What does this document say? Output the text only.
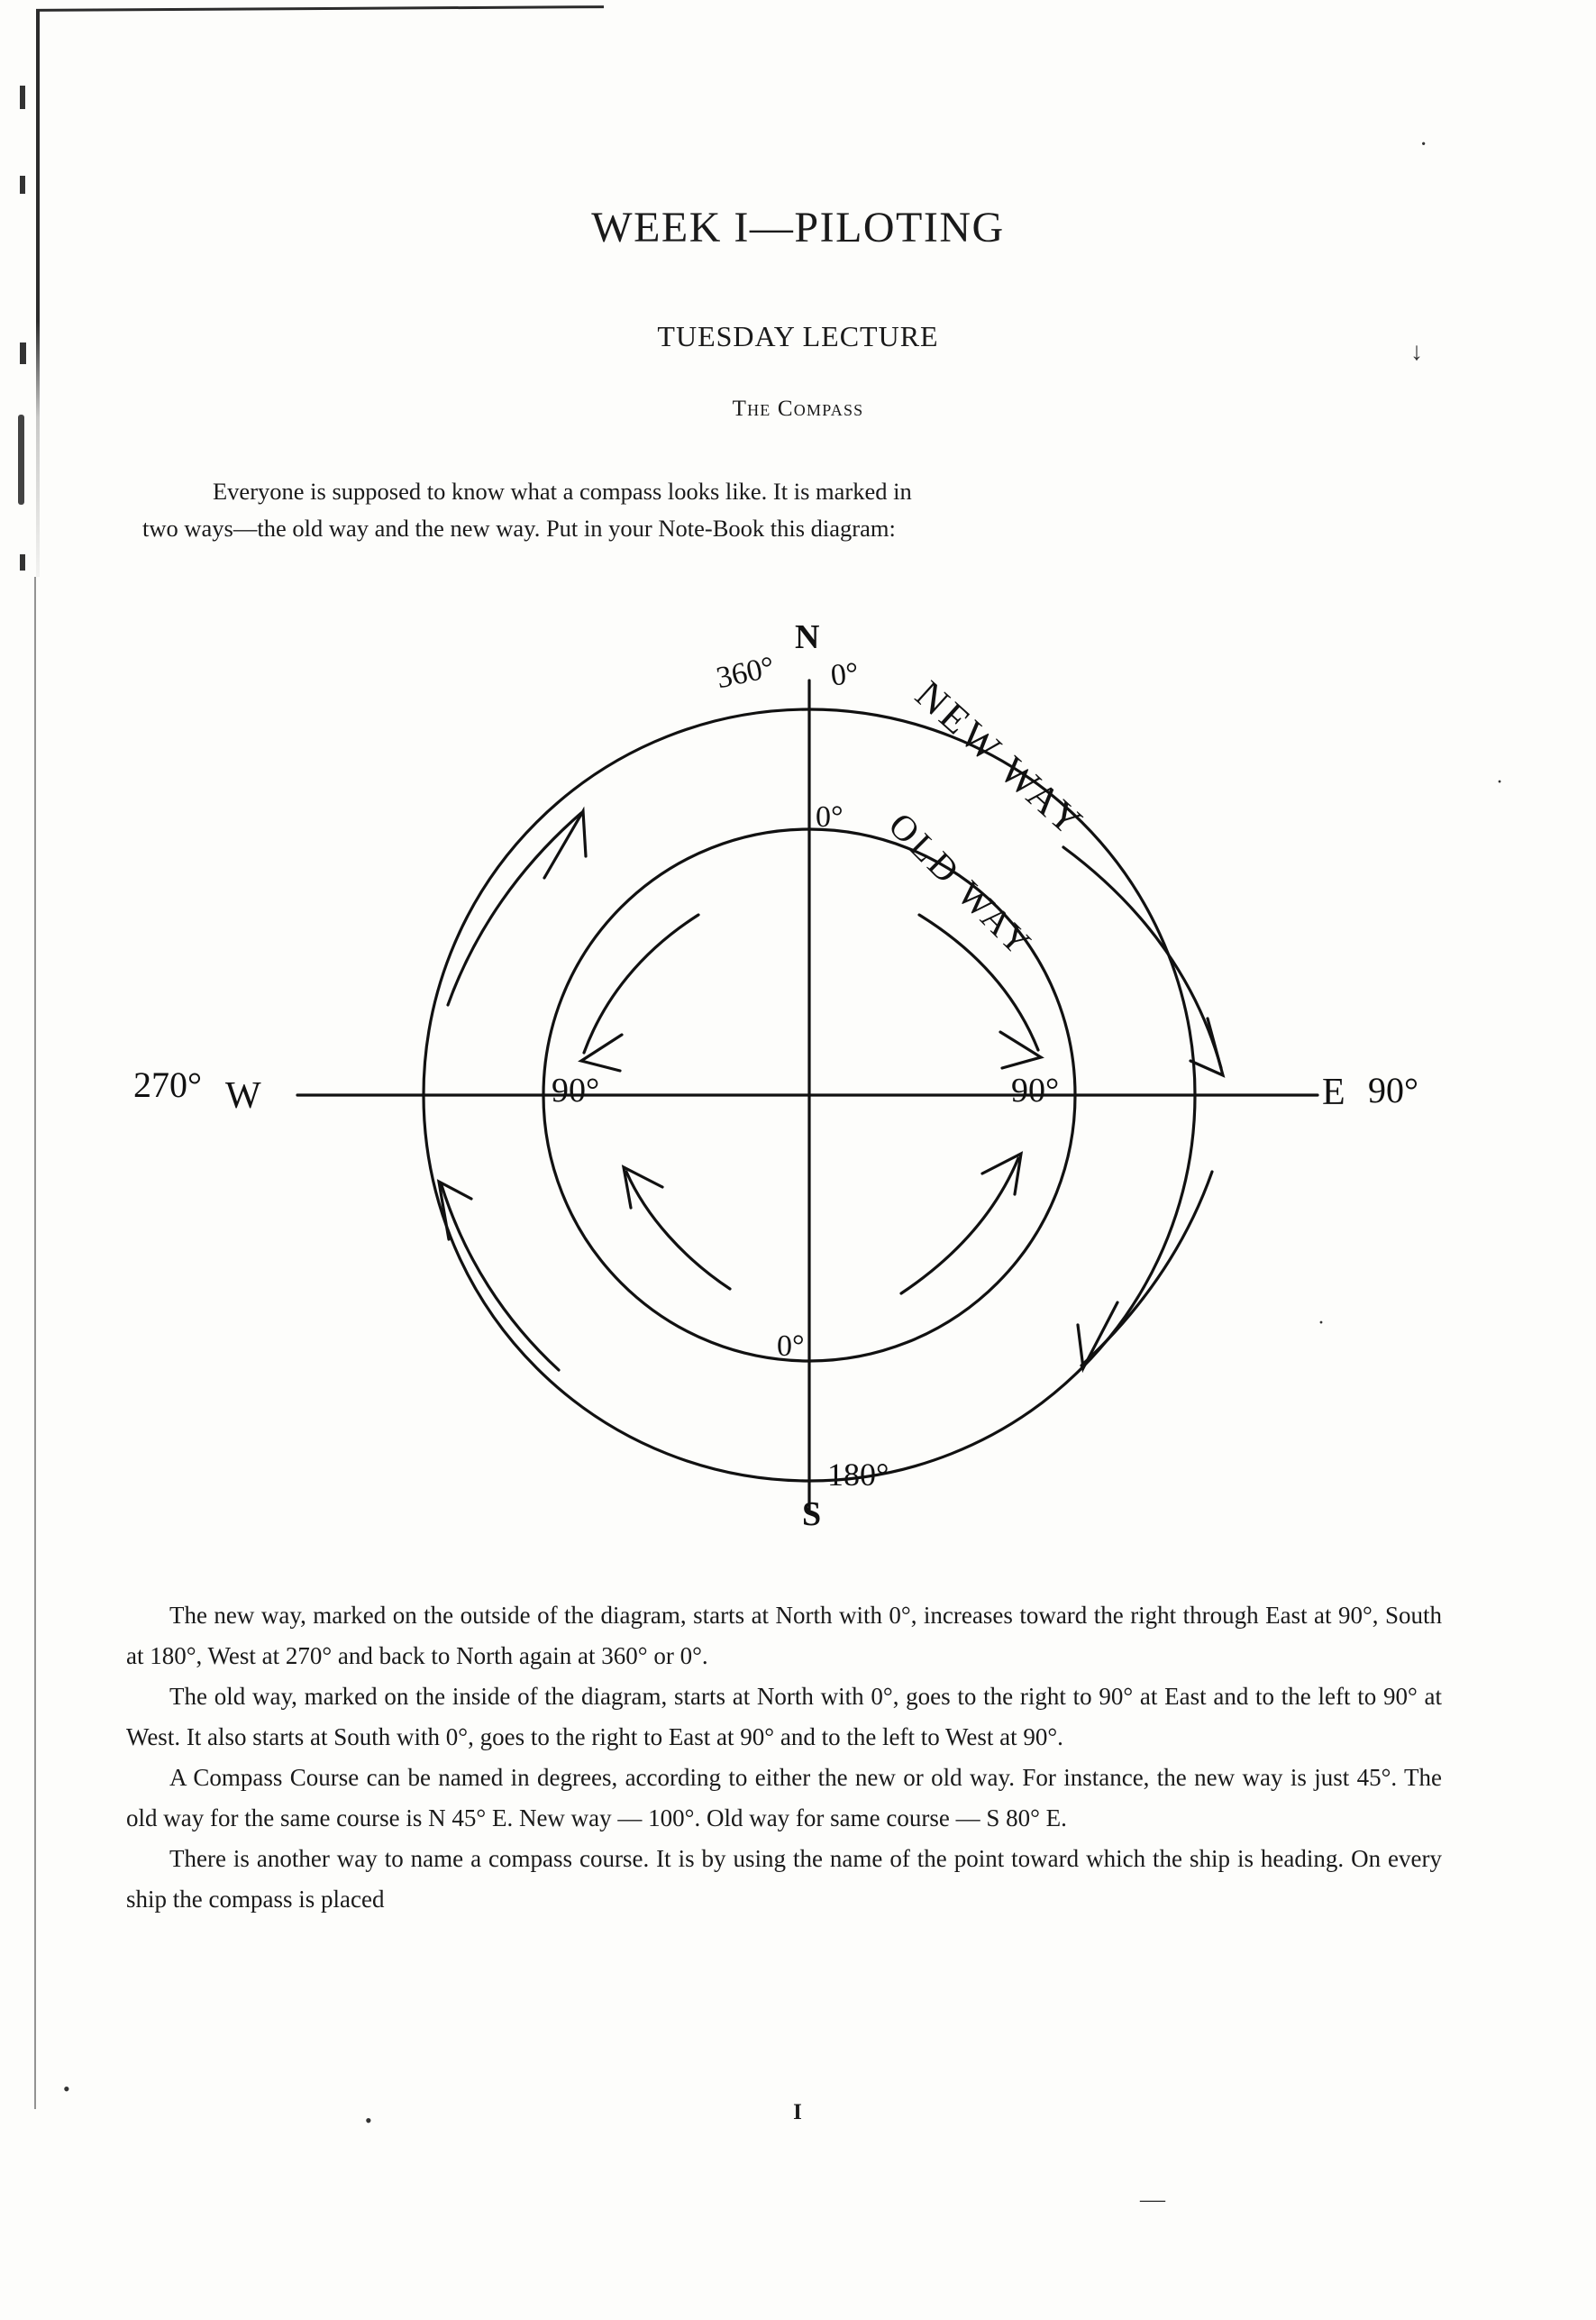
WEEK I—PILOTING
TUESDAY LECTURE
The Compass
Everyone is supposed to know what a compass looks like. It is marked in
two ways—the old way and the new way. Put in your Note-Book this diagram:
N
360° 0° NEW WAY
OLD WAY
0°
270° W	90°	90°	E 90°
0°
180°
S

The new way, marked on the outside of the diagram, starts at North with 0°, increases toward the right through East at 90°, South at 180°, West at 270° and back to North again at 360° or 0°.

The old way, marked on the inside of the diagram, starts at North with 0°, goes to the right to 90° at East and to the left to 90° at West. It also starts at South with 0°, goes to the right to East at 90° and to the left to West at 90°.

A Compass Course can be named in degrees, according to either the new or old way. For instance, the new way is just 45°. The old way for the same course is N 45° E. New way — 100°. Old way for same course — S 80° E.

There is another way to name a compass course. It is by using the name of the point toward which the ship is heading. On every ship the compass is placed

I
•
•
—
·
↓
·
·
